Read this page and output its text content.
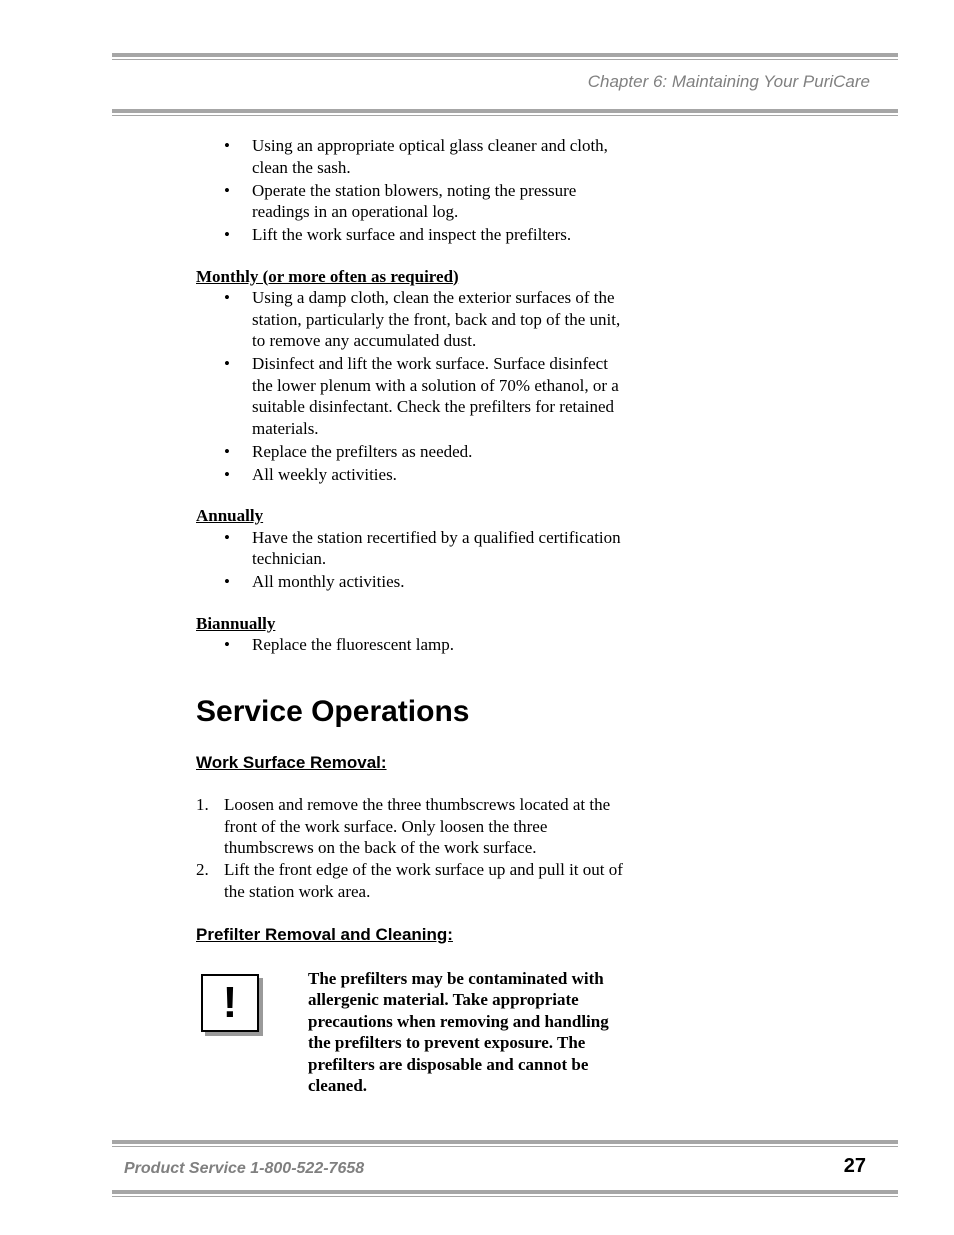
Chapter 6: Maintaining Your PuriCare
• Using an appropriate optical glass cleaner and cloth, clean the sash.
• Operate the station blowers, noting the pressure readings in an operational log.
• Lift the work surface and inspect the prefilters.
Monthly (or more often as required)
• Using a damp cloth, clean the exterior surfaces of the station, particularly the front, back and top of the unit, to remove any accumulated dust.
• Disinfect and lift the work surface. Surface disinfect the lower plenum with a solution of 70% ethanol, or a suitable disinfectant. Check the prefilters for retained materials.
• Replace the prefilters as needed.
• All weekly activities.
Annually
• Have the station recertified by a qualified certification technician.
• All monthly activities.
Biannually
• Replace the fluorescent lamp.
Service Operations
Work Surface Removal:
1. Loosen and remove the three thumbscrews located at the front of the work surface. Only loosen the three thumbscrews on the back of the work surface.
2. Lift the front edge of the work surface up and pull it out of the station work area.
Prefilter Removal and Cleaning:
!	The prefilters may be contaminated with allergenic material. Take appropriate precautions when removing and handling the prefilters to prevent exposure. The prefilters are disposable and cannot be cleaned.
Product Service 1-800-522-7658	27
